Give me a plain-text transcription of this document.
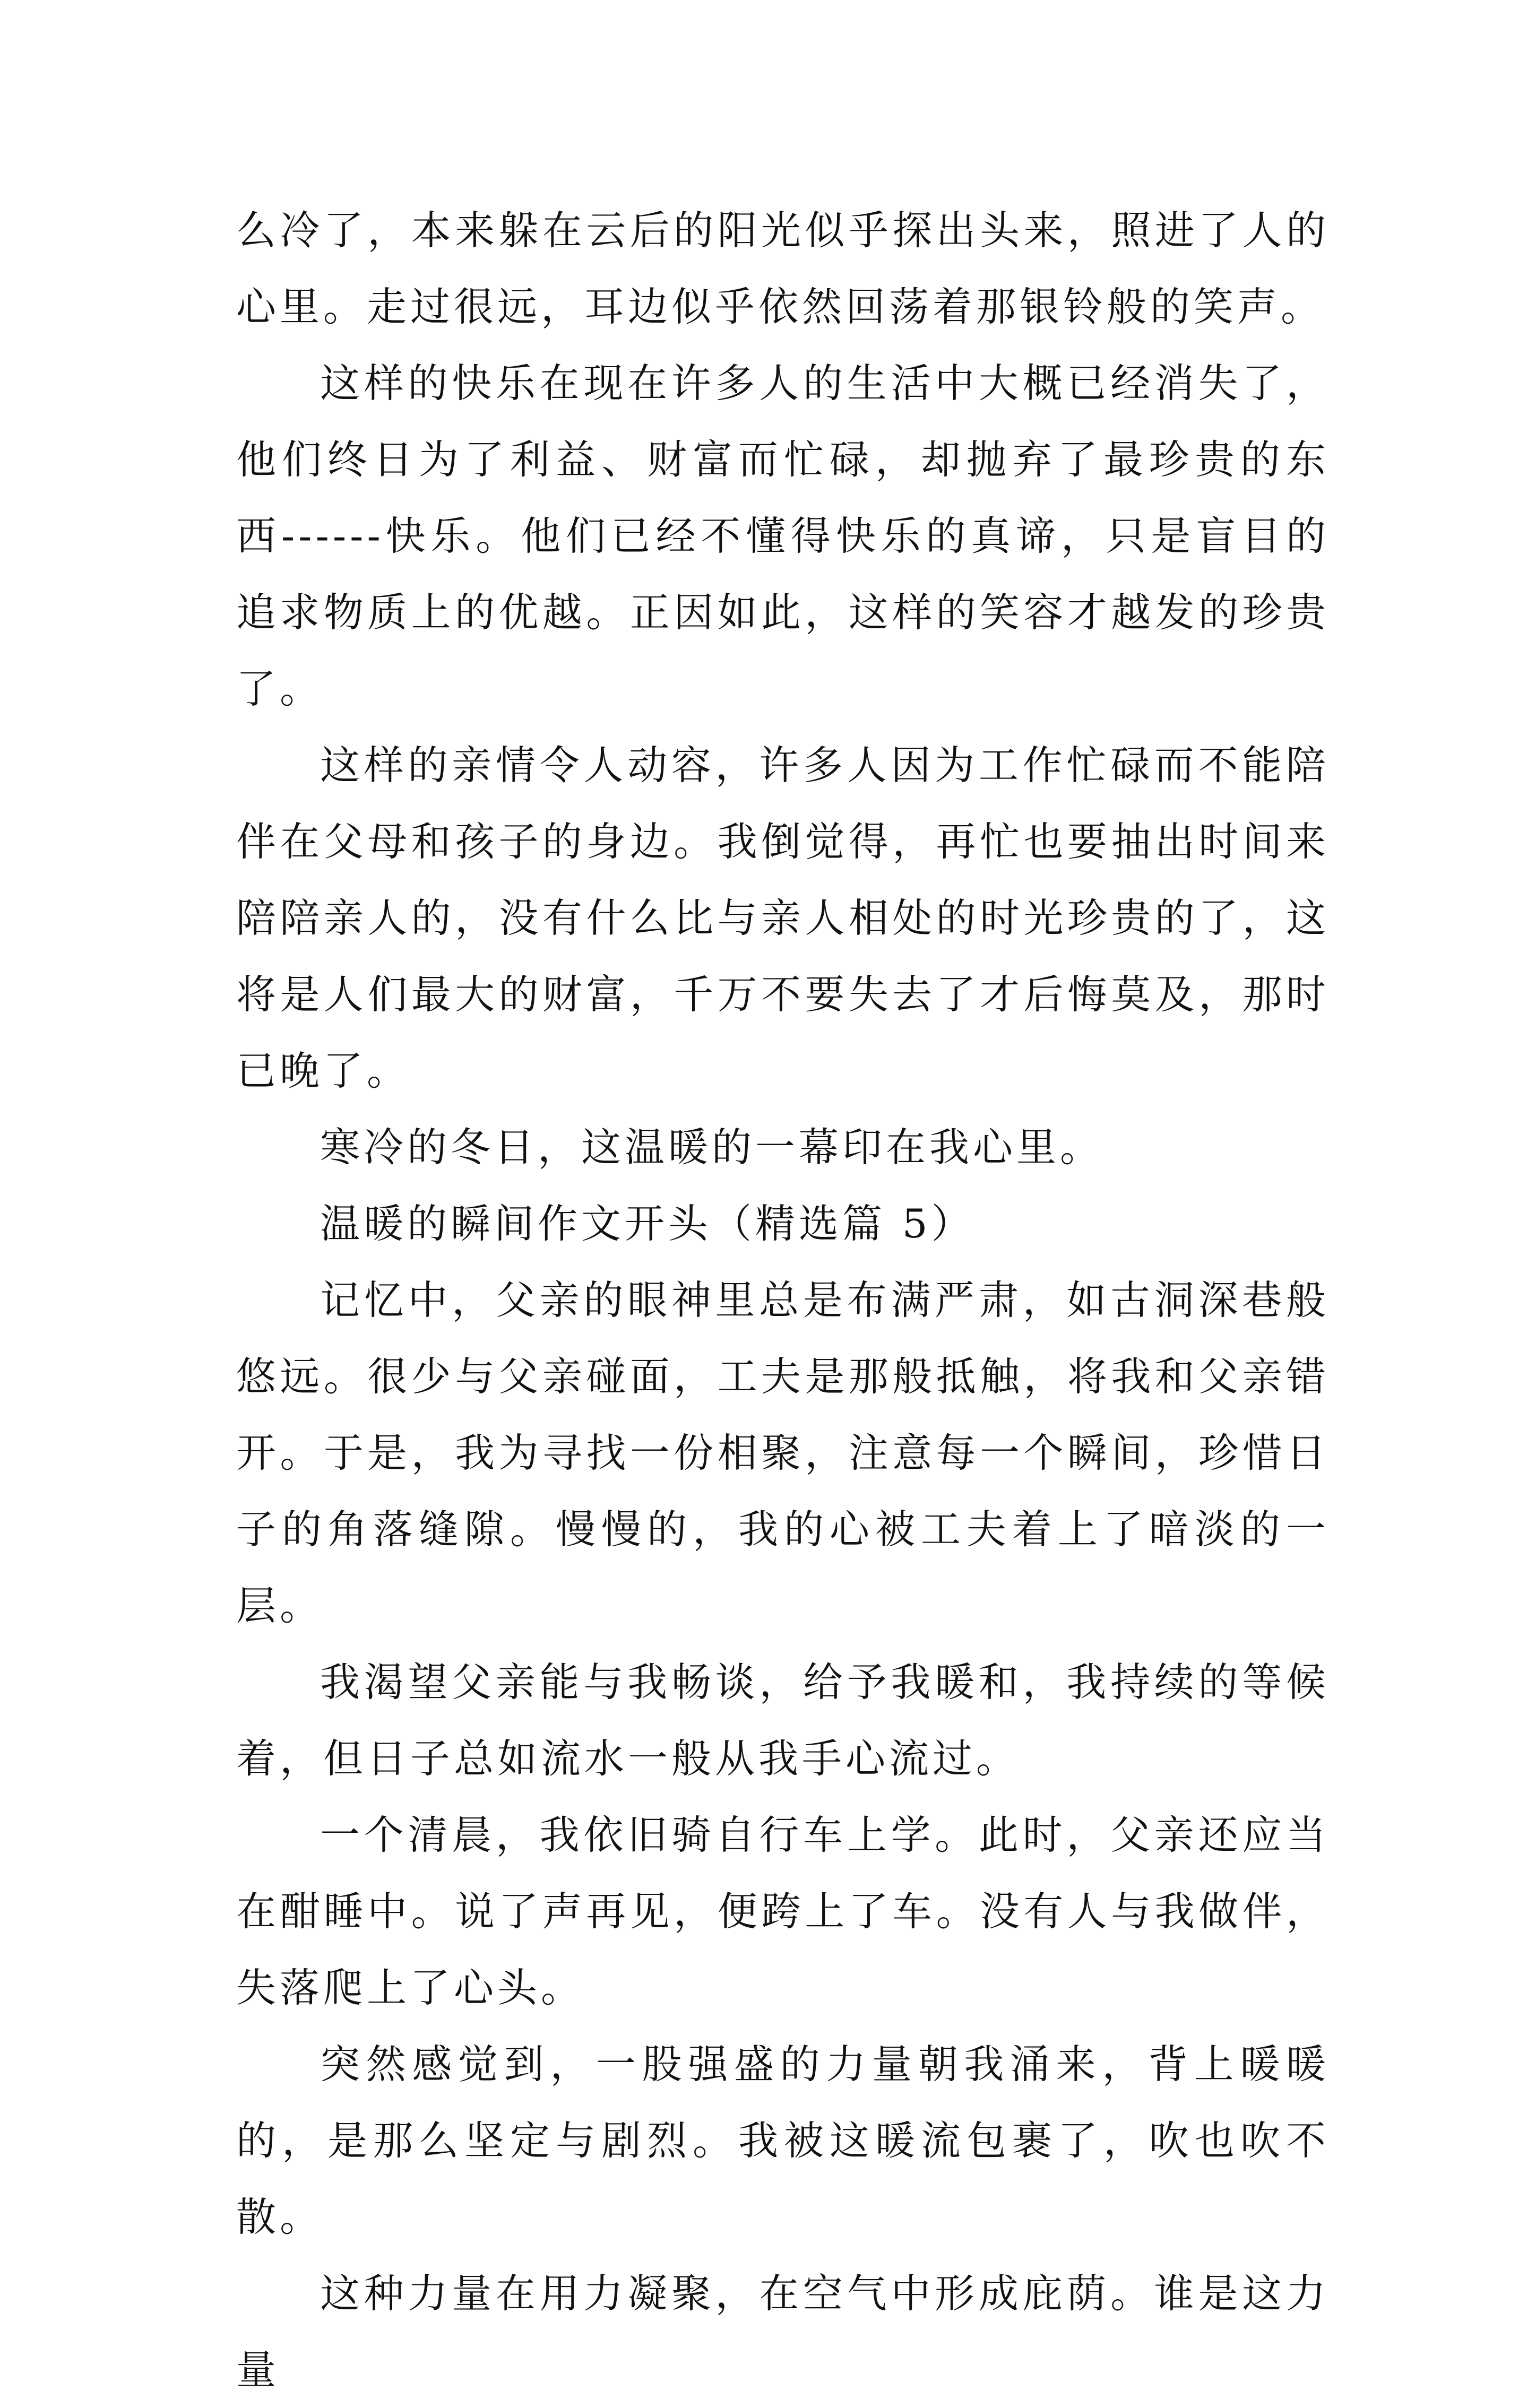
么冷了，本来躲在云后的阳光似乎探出头来，照进了人的心里。走过很远，耳边似乎依然回荡着那银铃般的笑声。

这样的快乐在现在许多人的生活中大概已经消失了，他们终日为了利益、财富而忙碌，却抛弃了最珍贵的东西------快乐。他们已经不懂得快乐的真谛，只是盲目的追求物质上的优越。正因如此，这样的笑容才越发的珍贵了。

这样的亲情令人动容，许多人因为工作忙碌而不能陪伴在父母和孩子的身边。我倒觉得，再忙也要抽出时间来陪陪亲人的，没有什么比与亲人相处的时光珍贵的了，这将是人们最大的财富，千万不要失去了才后悔莫及，那时已晚了。

寒冷的冬日，这温暖的一幕印在我心里。

温暖的瞬间作文开头（精选篇 5）

记忆中，父亲的眼神里总是布满严肃，如古洞深巷般悠远。很少与父亲碰面，工夫是那般抵触，将我和父亲错开。于是，我为寻找一份相聚，注意每一个瞬间，珍惜日子的角落缝隙。慢慢的，我的心被工夫着上了暗淡的一层。

我渴望父亲能与我畅谈，给予我暖和，我持续的等候着，但日子总如流水一般从我手心流过。

一个清晨，我依旧骑自行车上学。此时，父亲还应当在酣睡中。说了声再见，便跨上了车。没有人与我做伴，失落爬上了心头。

突然感觉到，一股强盛的力量朝我涌来，背上暖暖的，是那么坚定与剧烈。我被这暖流包裹了，吹也吹不散。

这种力量在用力凝聚，在空气中形成庇荫。谁是这力量
